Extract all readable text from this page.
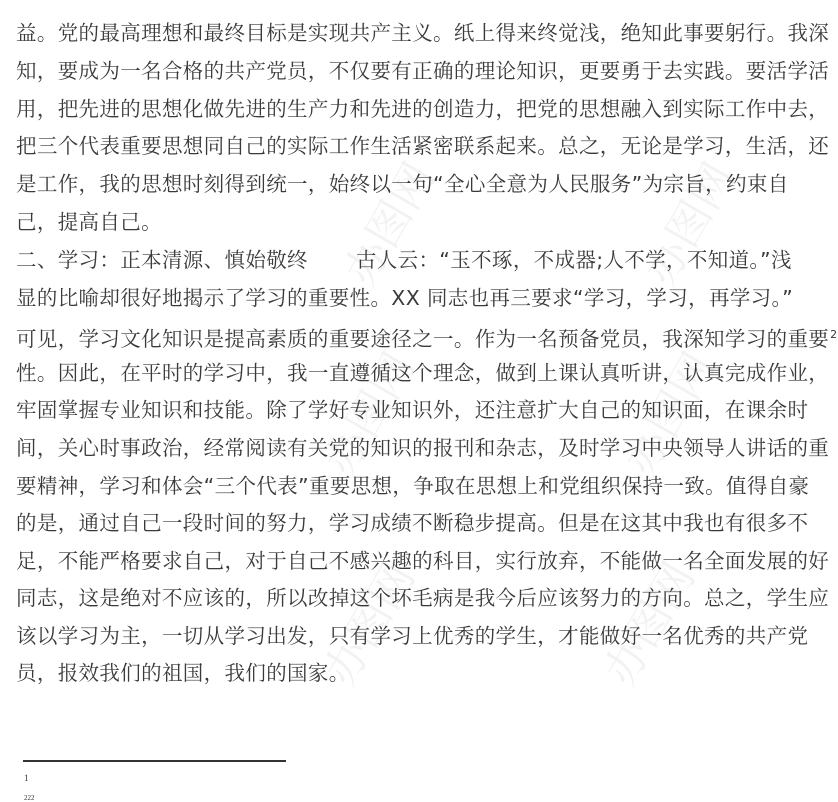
益。党的最高理想和最终目标是实现共产主义。纸上得来终觉浅，绝知此事要躬行。我深
知，要成为一名合格的共产党员，不仅要有正确的理论知识，更要勇于去实践。要活学活
用，把先进的思想化做先进的生产力和先进的创造力，把党的思想融入到实际工作中去，
把三个代表重要思想同自己的实际工作生活紧密联系起来。总之，无论是学习，生活，还
是工作，我的思想时刻得到统一，始终以一句“全心全意为人民服务”为宗旨，约束自
己，提高自己。
二、学习：正本清源、慎始敬终 古人云：“玉不琢，不成器;人不学，不知道。”浅
显的比喻却很好地揭示了学习的重要性。XX 同志也再三要求“学习，学习，再学习。”
可见，学习文化知识是提高素质的重要途径之一。作为一名预备党员，我深知学习的重要$^2$
性。因此，在平时的学习中，我一直遵循这个理念，做到上课认真听讲，认真完成作业，
牢固掌握专业知识和技能。除了学好专业知识外，还注意扩大自己的知识面，在课余时
间，关心时事政治，经常阅读有关党的知识的报刊和杂志，及时学习中央领导人讲话的重
要精神，学习和体会“三个代表”重要思想，争取在思想上和党组织保持一致。值得自豪
的是，通过自己一段时间的努力，学习成绩不断稳步提高。但是在这其中我也有很多不
足，不能严格要求自己，对于自己不感兴趣的科目，实行放弃，不能做一名全面发展的好
同志，这是绝对不应该的，所以改掉这个坏毛病是我今后应该努力的方向。总之，学生应
该以学习为主，一切从学习出发，只有学习上优秀的学生，才能做好一名优秀的共产党
员，报效我们的祖国，我们的国家。
1
222
办图网	办图网
办图网	办图网
办图网	办图网
